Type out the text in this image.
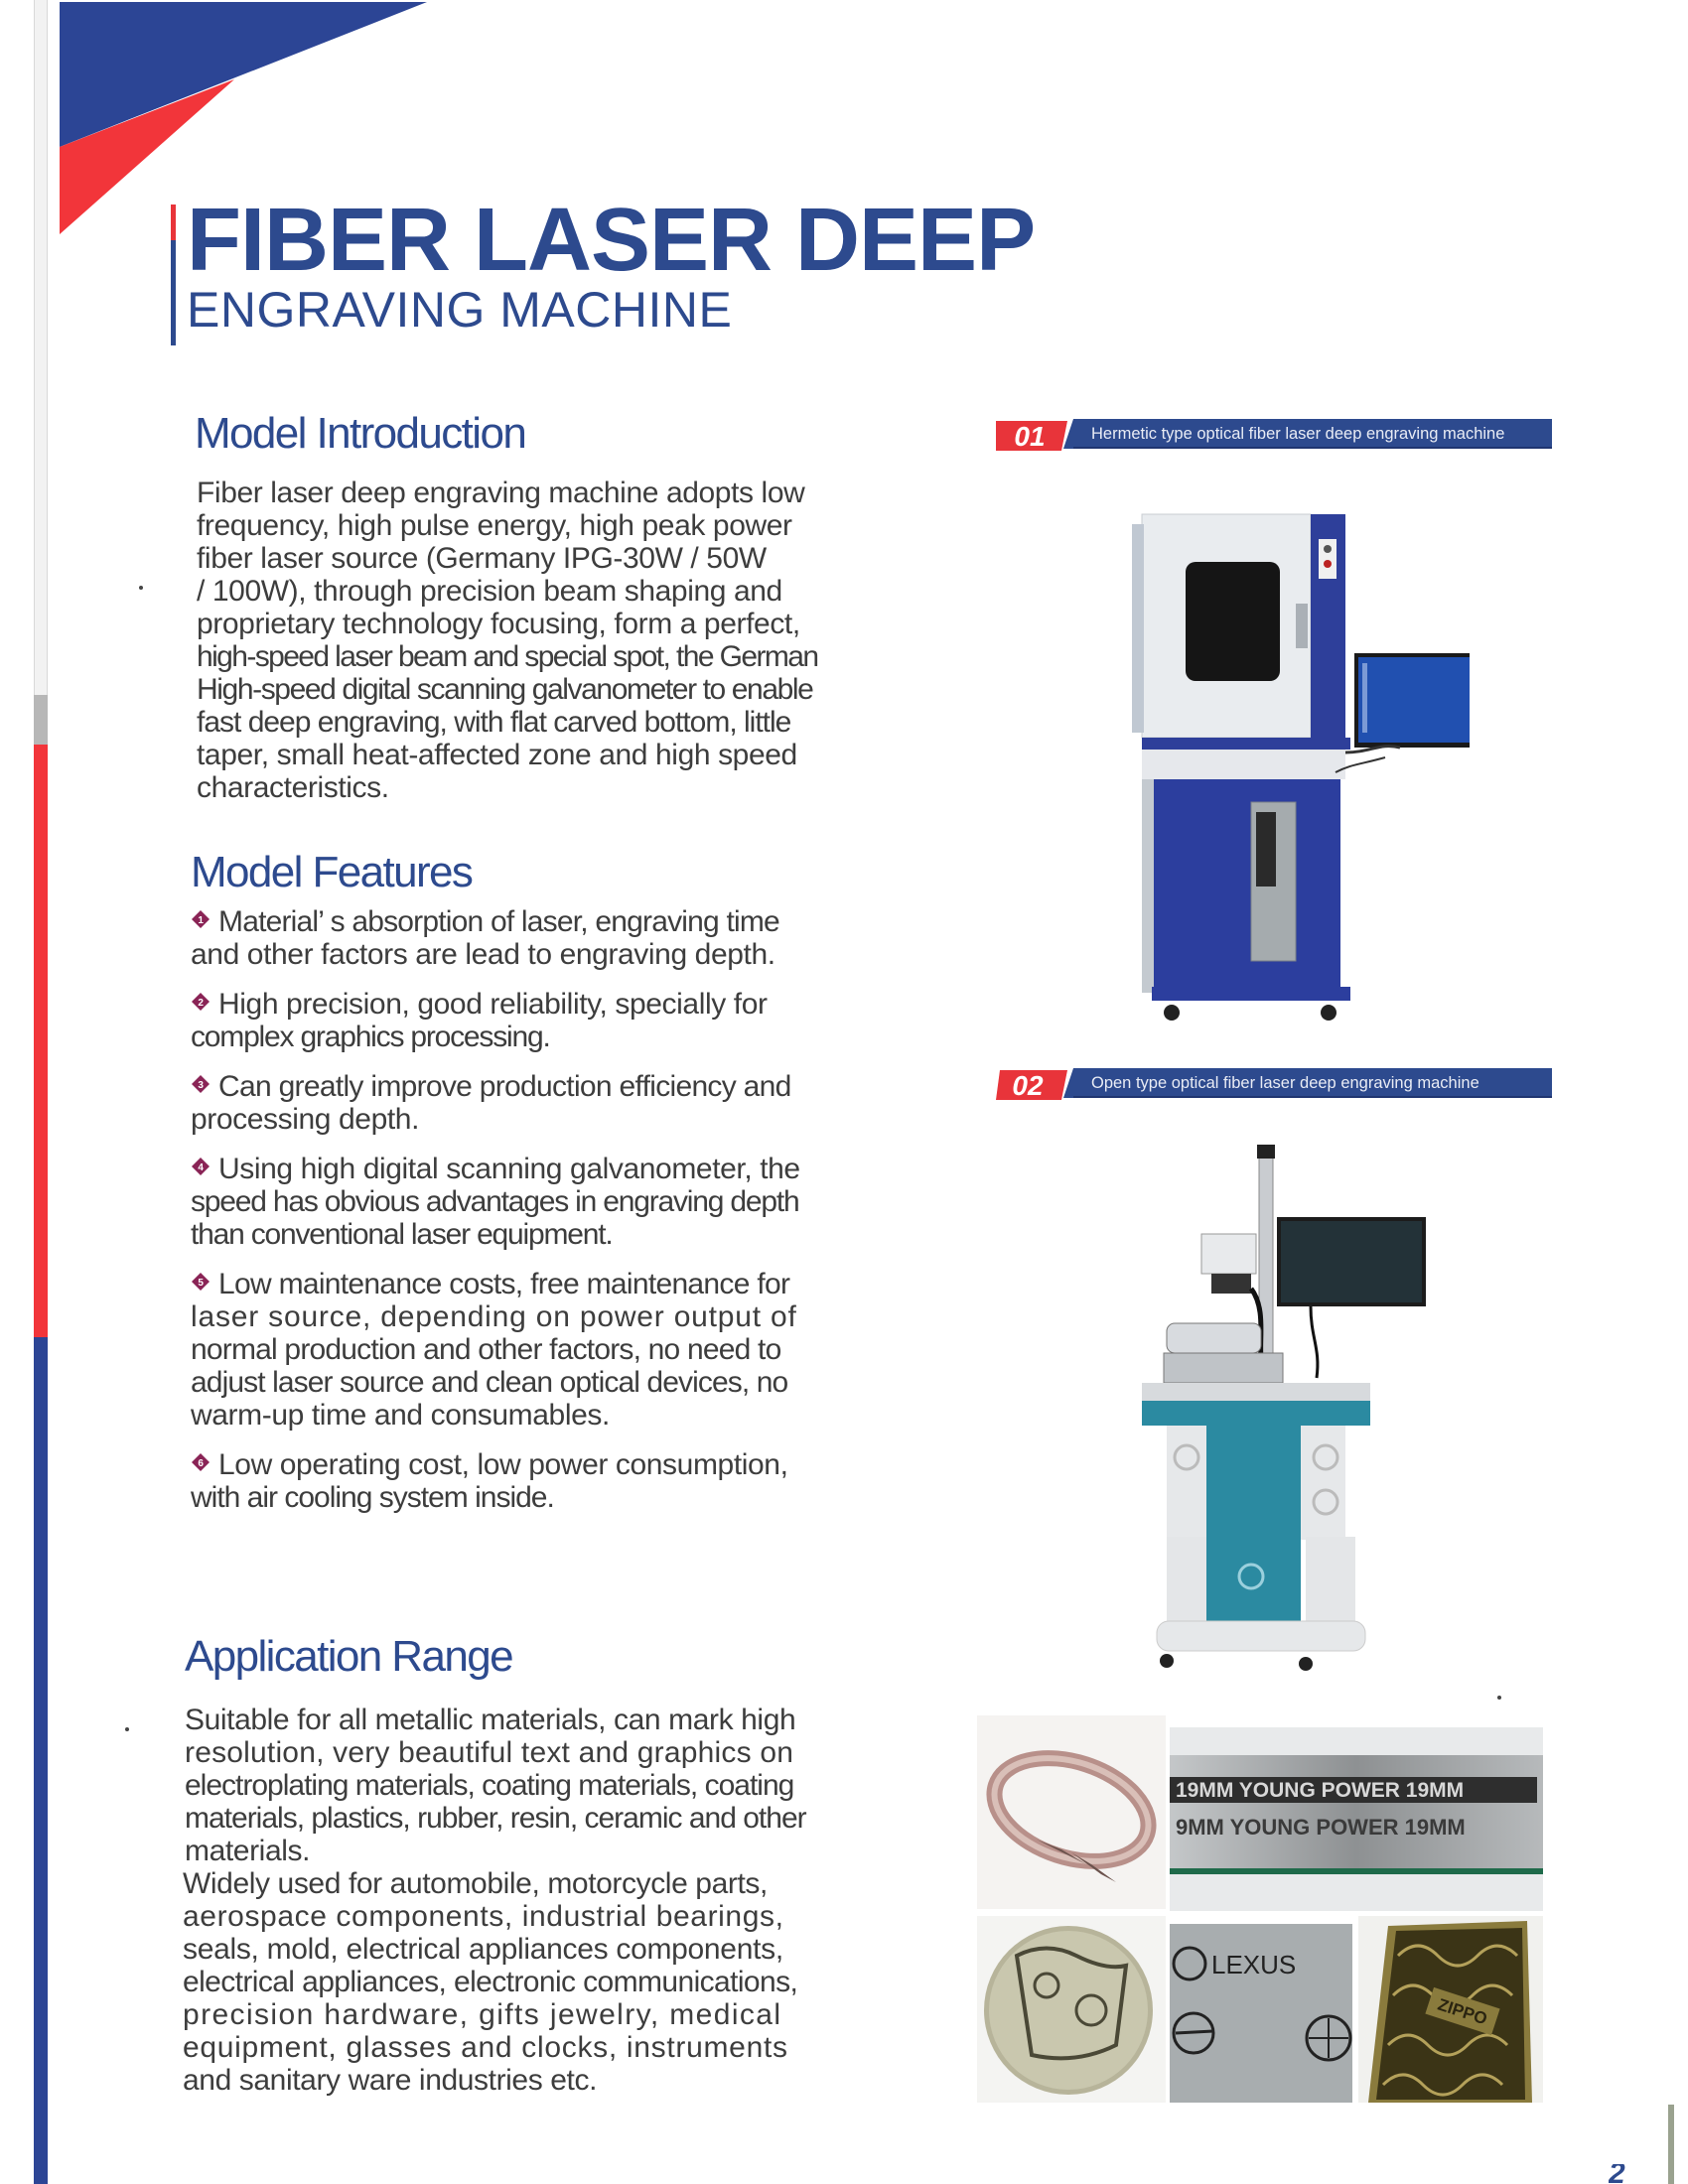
FIBER LASER DEEP
ENGRAVING MACHINE
Model Introduction
Fiber laser deep engraving machine adopts low
frequency, high pulse energy, high peak power
fiber laser source (Germany IPG-30W / 50W
/ 100W), through precision beam shaping and
proprietary technology focusing, form a perfect,
high-speed laser beam and special spot, the German
High-speed digital scanning galvanometer to enable
fast deep engraving, with flat carved bottom, little
taper, small heat-affected zone and high speed
characteristics.
Model Features
1 Material’ s absorption of laser, engraving time
and other factors are lead to engraving depth.
2 High precision, good reliability, specially for
complex graphics processing.
3 Can greatly improve production efficiency and
processing depth.
4 Using high digital scanning galvanometer, the
speed has obvious advantages in engraving depth
than conventional laser equipment.
5 Low maintenance costs, free maintenance for
laser source, depending on power output of
normal production and other factors, no need to
adjust laser source and clean optical devices, no
warm-up time and consumables.
6 Low operating cost, low power consumption,
with air cooling system inside.
Application Range
Suitable for all metallic materials, can mark high
resolution, very beautiful text and graphics on
electroplating materials, coating materials, coating
materials, plastics, rubber, resin, ceramic and other
materials.
Widely used for automobile, motorcycle parts,
aerospace components, industrial bearings,
seals, mold, electrical appliances components,
electrical appliances, electronic communications,
precision hardware, gifts jewelry, medical
equipment, glasses and clocks, instruments
and sanitary ware industries etc.
01	Hermetic type optical fiber laser deep engraving machine
02	Open type optical fiber laser deep engraving machine
19MM YOUNG POWER 19MM
9MM YOUNG POWER 19MM
LEXUS
ZIPPO
2
